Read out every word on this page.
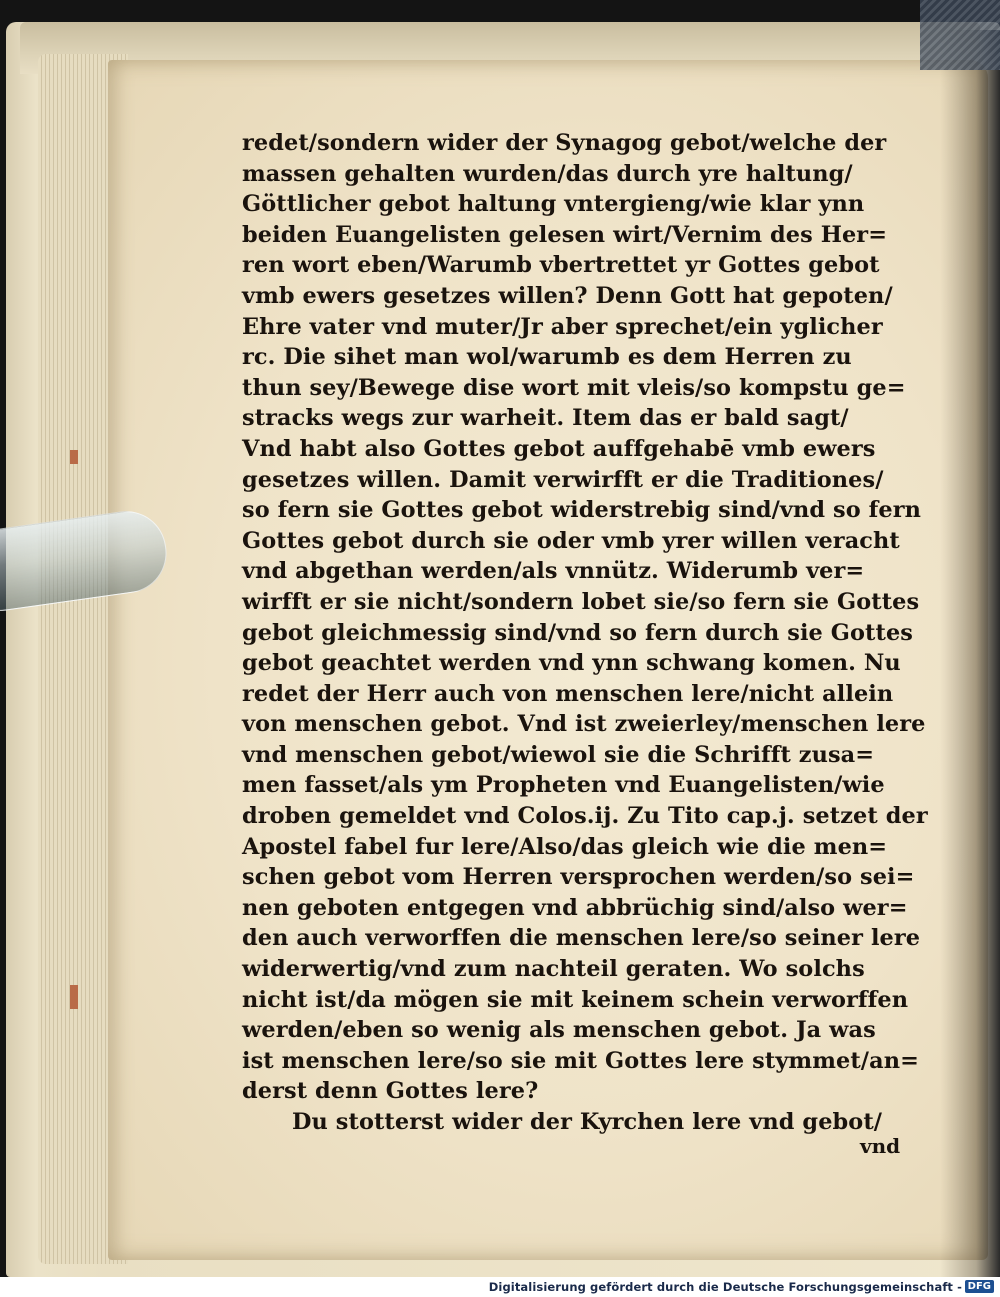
redet/sondern wider der Synagog gebot/welche der
massen gehalten wurden/das durch yre haltung/
Göttlicher gebot haltung vntergieng/wie klar ynn
beiden Euangelisten gelesen wirt/Vernim des Her=
ren wort eben/Warumb vbertrettet yr Gottes gebot
vmb ewers gesetzes willen? Denn Gott hat gepoten/
Ehre vater vnd muter/Jr aber sprechet/ein yglicher
rc. Die sihet man wol/warumb es dem Herren zu
thun sey/Bewege dise wort mit vleis/so kompstu ge=
stracks wegs zur warheit. Item das er bald sagt/
Vnd habt also Gottes gebot auffgehabē vmb ewers
gesetzes willen. Damit verwirfft er die Traditiones/
so fern sie Gottes gebot widerstrebig sind/vnd so fern
Gottes gebot durch sie oder vmb yrer willen veracht
vnd abgethan werden/als vnnütz. Widerumb ver=
wirfft er sie nicht/sondern lobet sie/so fern sie Gottes
gebot gleichmessig sind/vnd so fern durch sie Gottes
gebot geachtet werden vnd ynn schwang komen. Nu
redet der Herr auch von menschen lere/nicht allein
von menschen gebot. Vnd ist zweierley/menschen lere
vnd menschen gebot/wiewol sie die Schrifft zusa=
men fasset/als ym Propheten vnd Euangelisten/wie
droben gemeldet vnd Colos.ij. Zu Tito cap.j. setzet der
Apostel fabel fur lere/Also/das gleich wie die men=
schen gebot vom Herren versprochen werden/so sei=
nen geboten entgegen vnd abbrüchig sind/also wer=
den auch verworffen die menschen lere/so seiner lere
widerwertig/vnd zum nachteil geraten. Wo solchs
nicht ist/da mögen sie mit keinem schein verworffen
werden/eben so wenig als menschen gebot. Ja was
ist menschen lere/so sie mit Gottes lere stymmet/an=
derst denn Gottes lere?
Du stotterst wider der Kyrchen lere vnd gebot/
vnd
Digitalisierung gefördert durch die Deutsche Forschungsgemeinschaft - DFG
